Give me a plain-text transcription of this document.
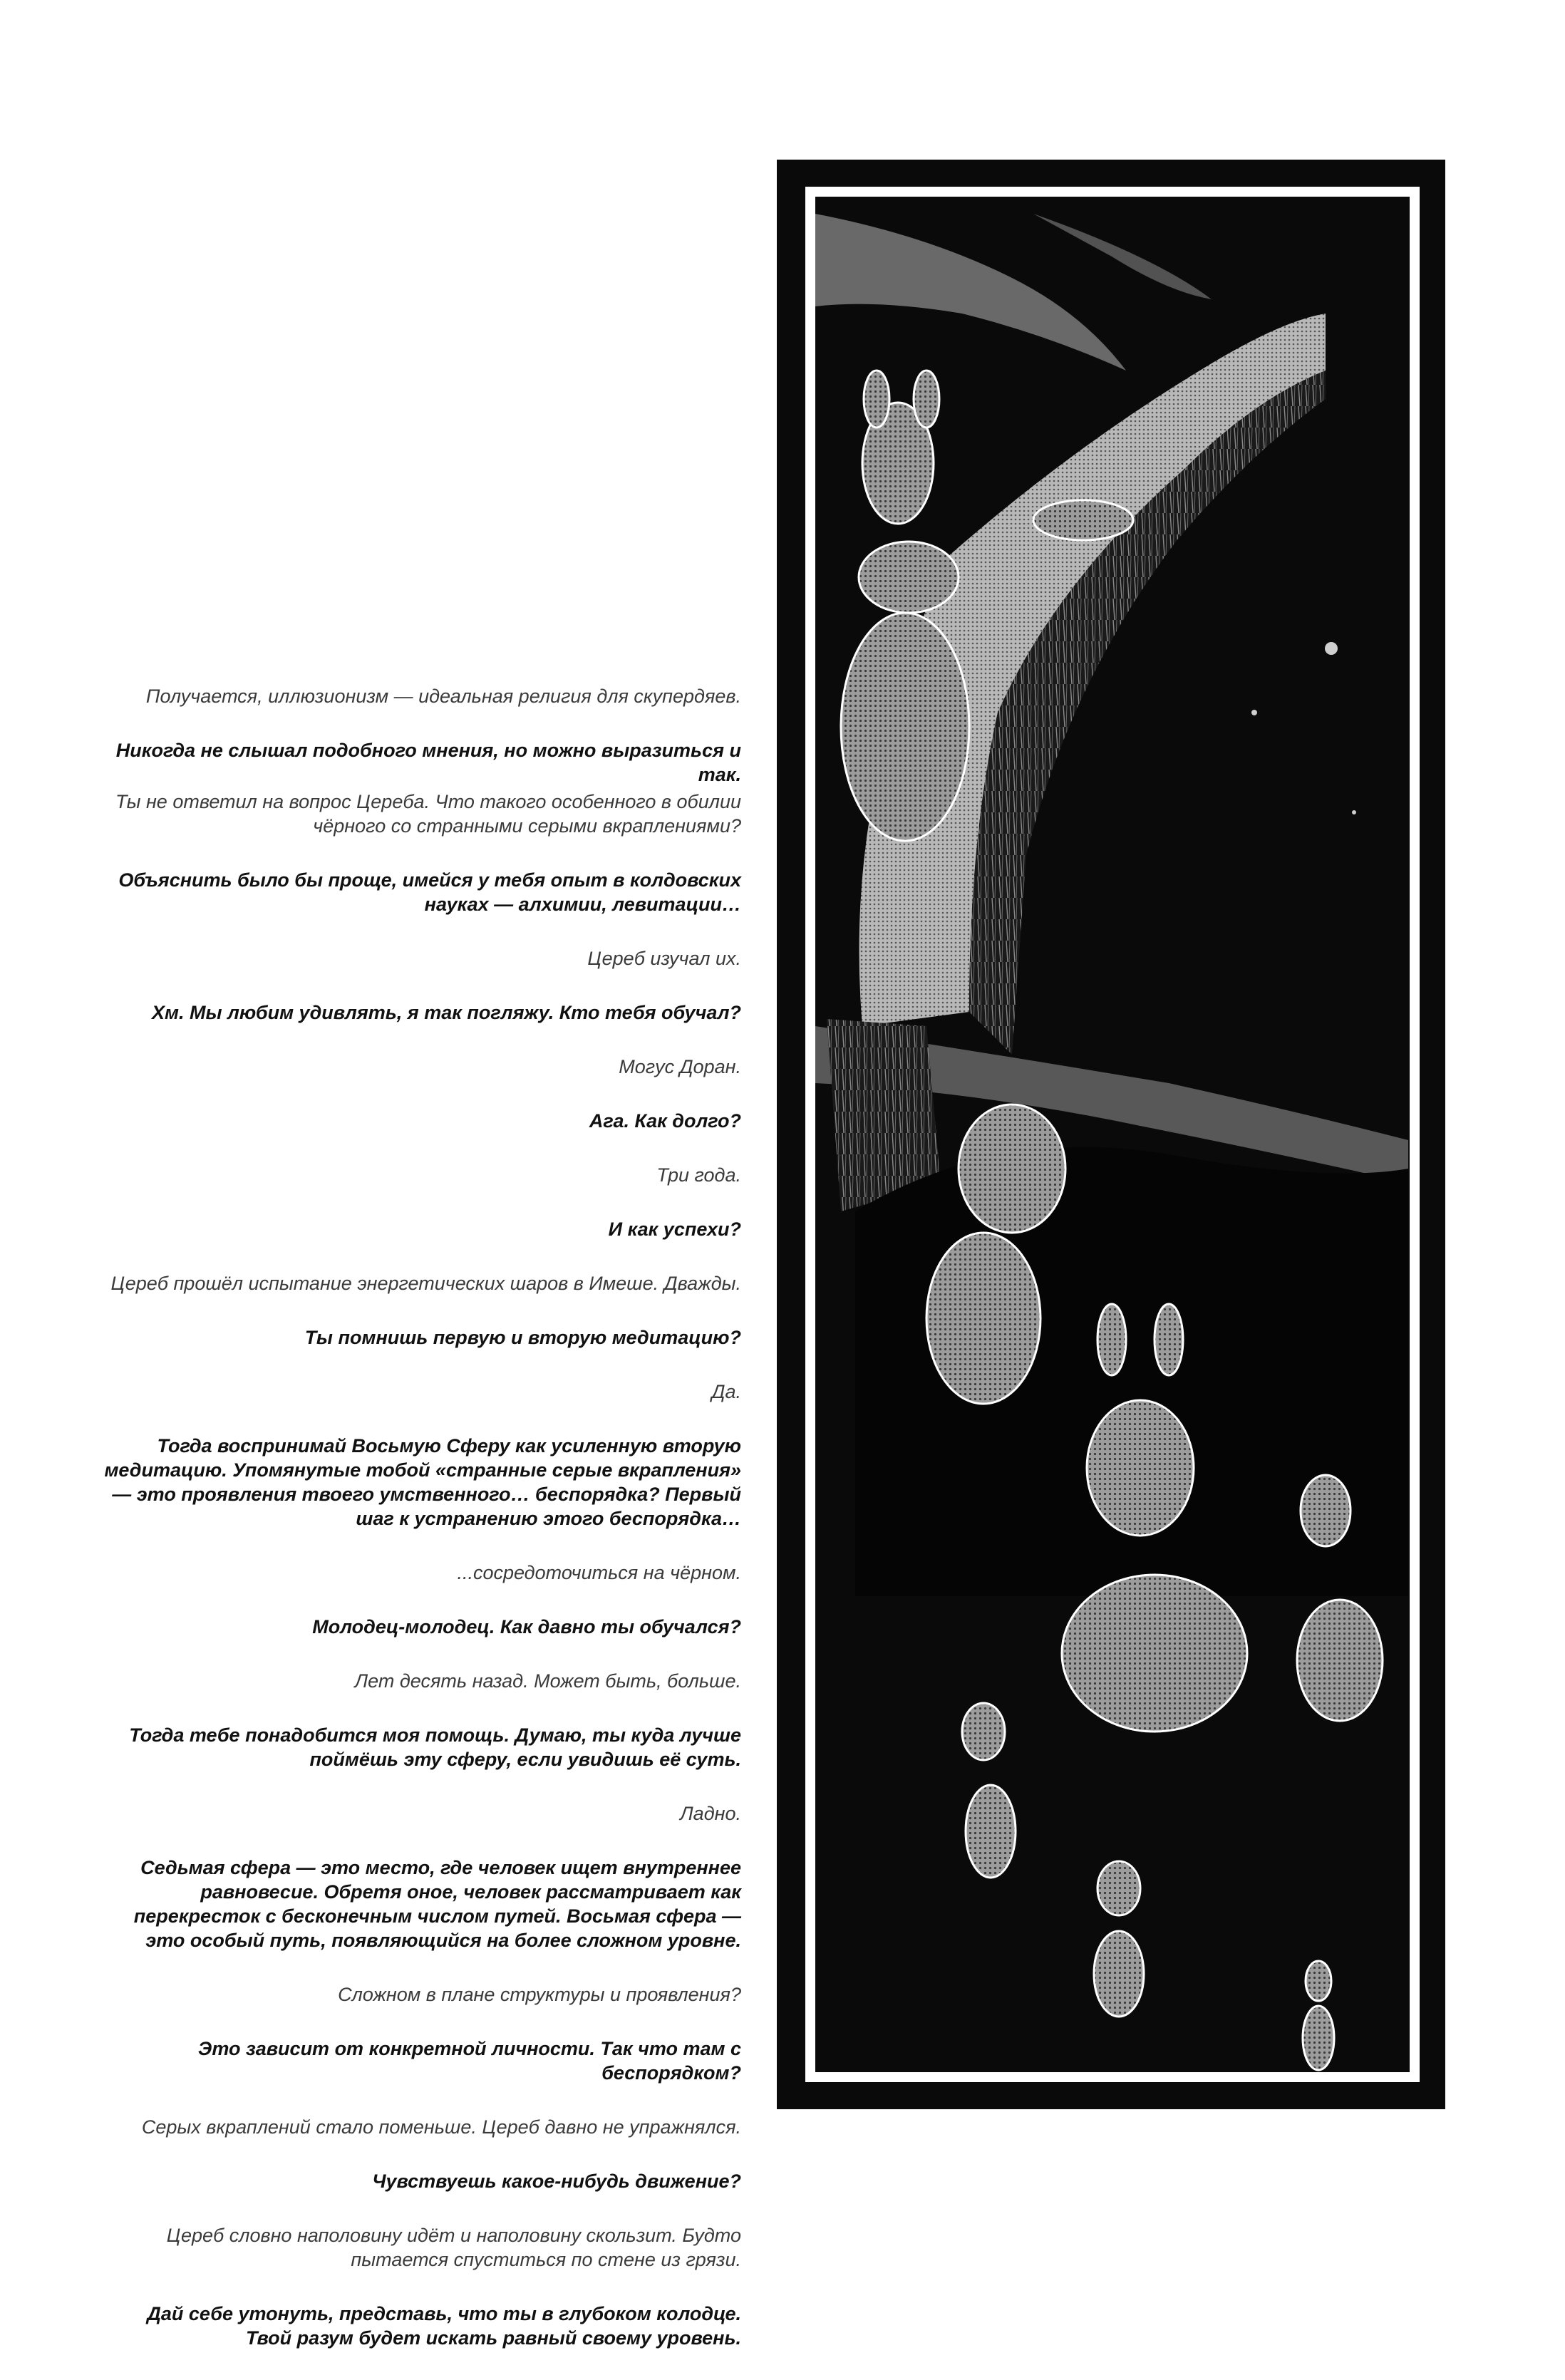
Получается, иллюзионизм — идеальная религия для скупердяев.

Никогда не слышал подобного мнения, но можно выразиться и так.

Ты не ответил на вопрос Цереба. Что такого особенного в обилии чёрного со странными серыми вкраплениями?

Объяснить было бы проще, имейся у тебя опыт в колдовских науках — алхимии, левитации…

Цереб изучал их.

Хм. Мы любим удивлять, я так погляжу. Кто тебя обучал?

Могус Доран.

Ага. Как долго?

Три года.

И как успехи?

Цереб прошёл испытание энергетических шаров в Имеше. Дважды.

Ты помнишь первую и вторую медитацию?

Да.

Тогда воспринимай Восьмую Сферу как усиленную вторую медитацию. Упомянутые тобой «странные серые вкрапления» — это проявления твоего умственного… беспорядка? Первый шаг к устранению этого беспорядка…

...сосредоточиться на чёрном.

Молодец-молодец. Как давно ты обучался?

Лет десять назад. Может быть, больше.

Тогда тебе понадобится моя помощь. Думаю, ты куда лучше поймёшь эту сферу, если увидишь её суть.

Ладно.

Седьмая сфера — это место, где человек ищет внутреннее равновесие. Обретя оное, человек рассматривает как перекресток с бесконечным числом путей. Восьмая сфера — это особый путь, появляющийся на более сложном уровне.

Сложном в плане структуры и проявления?

Это зависит от конкретной личности. Так что там с беспорядком?

Серых вкраплений стало поменьше. Цереб давно не упражнялся.

Чувствуешь какое-нибудь движение?

Цереб словно наполовину идёт и наполовину скользит. Будто пытается спуститься по стене из грязи.

Дай себе утонуть, представь, что ты в глубоком колодце. Твой разум будет искать равный своему уровень.
